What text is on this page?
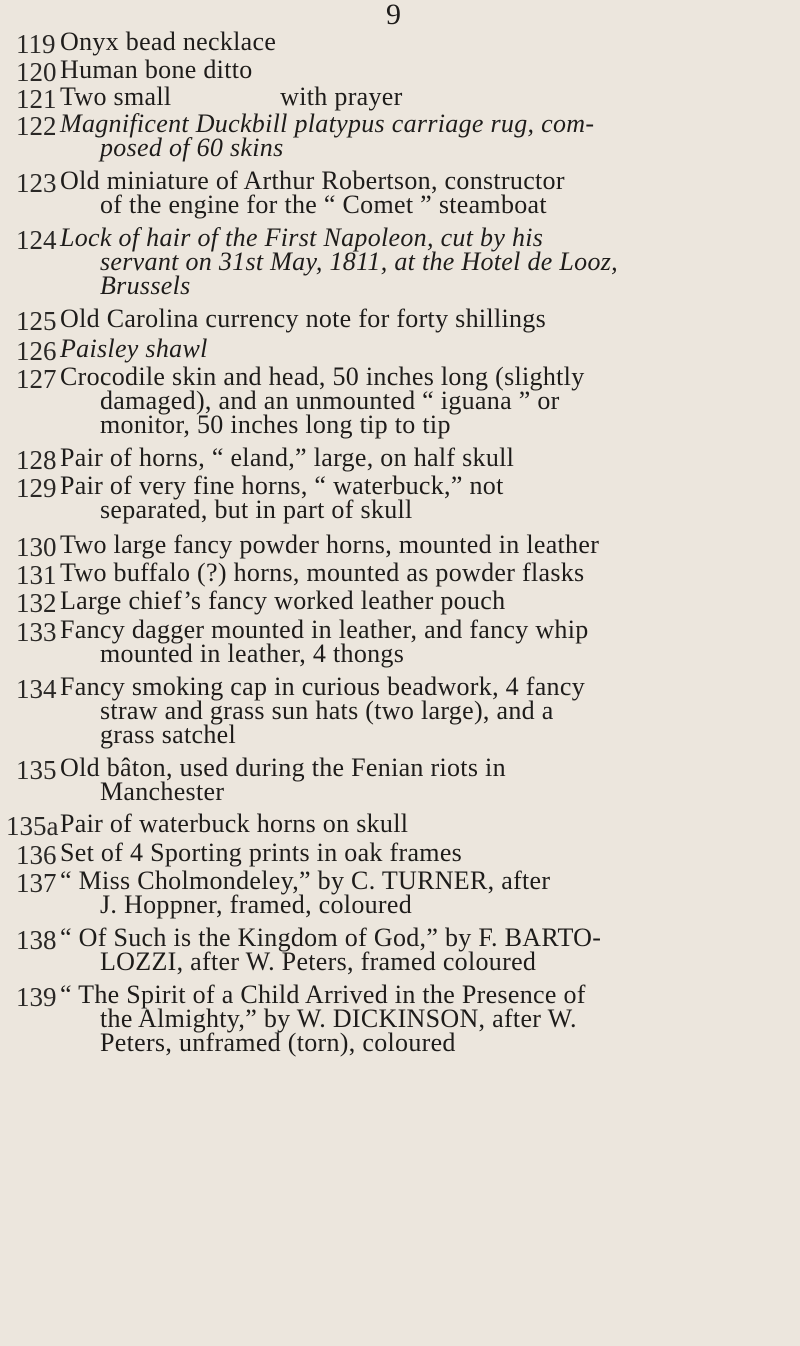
9
119 Onyx bead necklace
120 Human bone ditto
121 Two small                with prayer
122 Magnificent Duckbill platypus carriage rug, com-
posed of 60 skins
123 Old miniature of Arthur Robertson, constructor
of the engine for the “ Comet ” steamboat
124 Lock of hair of the First Napoleon, cut by his
servant on 31st May, 1811, at the Hotel de Looz,
Brussels
125 Old Carolina currency note for forty shillings
126 Paisley shawl
127 Crocodile skin and head, 50 inches long (slightly
damaged), and an unmounted “ iguana ” or
monitor, 50 inches long tip to tip
128 Pair of horns, “ eland,” large, on half skull
129 Pair of very fine horns, “ waterbuck,” not
separated, but in part of skull
130 Two large fancy powder horns, mounted in leather
131 Two buffalo (?) horns, mounted as powder flasks
132 Large chief’s fancy worked leather pouch
133 Fancy dagger mounted in leather, and fancy whip
mounted in leather, 4 thongs
134 Fancy smoking cap in curious beadwork, 4 fancy
straw and grass sun hats (two large), and a
grass satchel
135 Old bâton, used during the Fenian riots in
Manchester
135a Pair of waterbuck horns on skull
136 Set of 4 Sporting prints in oak frames
137 “ Miss Cholmondeley,” by C. TURNER, after
J. Hoppner, framed, coloured
138 “ Of Such is the Kingdom of God,” by F. BARTO-
LOZZI, after W. Peters, framed coloured
139 “ The Spirit of a Child Arrived in the Presence of
the Almighty,” by W. DICKINSON, after W.
Peters, unframed (torn), coloured
